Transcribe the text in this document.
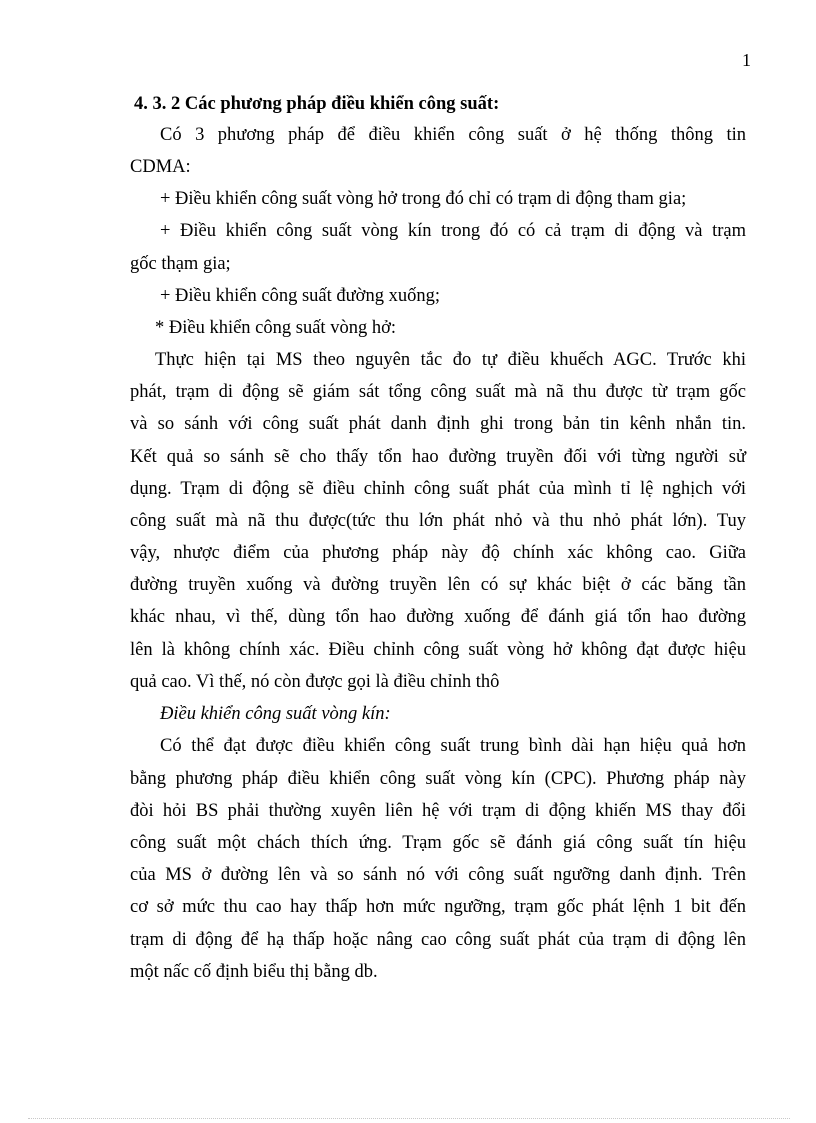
1
4. 3. 2 Các phương pháp điều khiển công suất:
Có 3 phương pháp để điều khiển công suất ở hệ thống thông tin
CDMA:
+ Điều khiển công suất vòng hở trong đó chỉ có trạm di động tham gia;
+ Điều khiển công suất vòng kín trong đó có cả trạm di động và trạm
gốc thạm gia;
+ Điều khiển công suất đường xuống;
* Điều khiển công suất vòng hở:
Thực hiện tại MS theo nguyên tắc đo tự điều khuếch AGC. Trước khi
phát, trạm di động sẽ giám sát tổng công suất mà nã thu được từ trạm gốc
và so sánh với công suất phát danh định ghi trong bản tin kênh nhắn tin.
Kết quả so sánh sẽ cho thấy tổn hao đường truyền đối với từng người sử
dụng. Trạm di động sẽ điều chỉnh công suất phát của mình tỉ lệ nghịch với
công suất mà nã thu được(tức thu lớn phát nhỏ và thu nhỏ phát lớn). Tuy
vậy, nhược điểm của phương pháp này độ chính xác không cao. Giữa
đường truyền xuống và đường truyền lên có sự khác biệt ở các băng tần
khác nhau, vì thế, dùng tổn hao đường xuống để đánh giá tổn hao đường
lên là không chính xác. Điều chỉnh công suất vòng hở không đạt được hiệu
quả cao. Vì thế, nó còn được gọi là điều chỉnh thô
Điều khiển công suất vòng kín:
Có thể đạt được điều khiển công suất trung bình dài hạn hiệu quả hơn
bằng phương pháp điều khiển công suất vòng kín (CPC). Phương pháp này
đòi hỏi BS phải thường xuyên liên hệ với trạm di động khiến MS thay đổi
công suất một chách thích ứng. Trạm gốc sẽ đánh giá công suất tín hiệu
của MS ở đường lên và so sánh nó với công suất ngưỡng danh định. Trên
cơ sở mức thu cao hay thấp hơn mức ngưỡng, trạm gốc phát lệnh 1 bit đến
trạm di động để hạ thấp hoặc nâng cao công suất phát của trạm di động lên
một nấc cố định biểu thị bằng db.
